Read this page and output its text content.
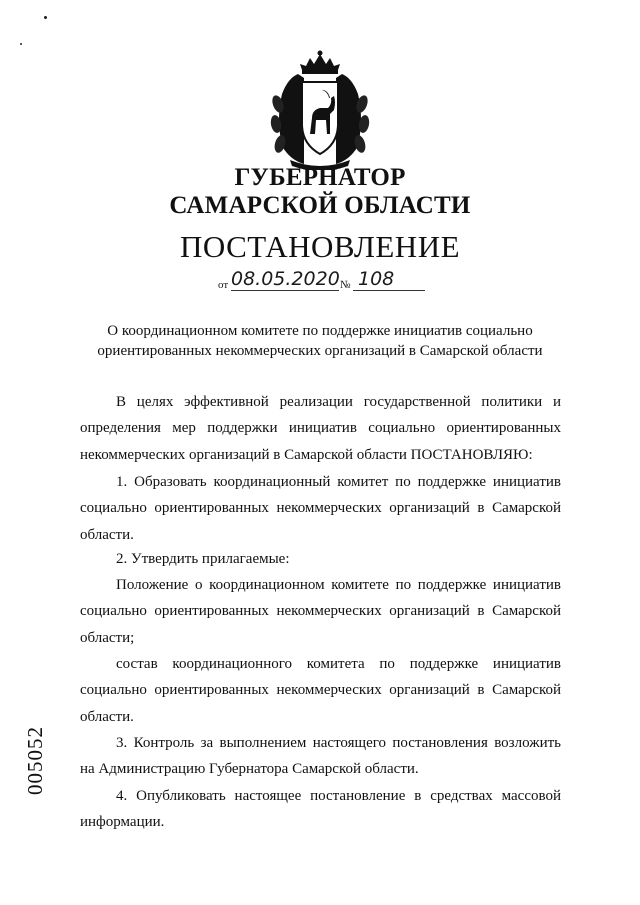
ГУБЕРНАТОР
САМАРСКОЙ ОБЛАСТИ
ПОСТАНОВЛЕНИЕ
от 08.05.2020 № 108
О координационном комитете по поддержке инициатив социально
ориентированных некоммерческих организаций в Самарской области

В целях эффективной реализации государственной политики и определения мер поддержки инициатив социально ориентированных некоммерческих организаций в Самарской области ПОСТАНОВЛЯЮ:

1. Образовать координационный комитет по поддержке инициатив социально ориентированных некоммерческих организаций в Самарской области.

2. Утвердить прилагаемые:

Положение о координационном комитете по поддержке инициатив социально ориентированных некоммерческих организаций в Самарской области;

состав координационного комитета по поддержке инициатив социально ориентированных некоммерческих организаций в Самарской области.

3. Контроль за выполнением настоящего постановления возложить на Администрацию Губернатора Самарской области.

4. Опубликовать настоящее постановление в средствах массовой информации.

005052
